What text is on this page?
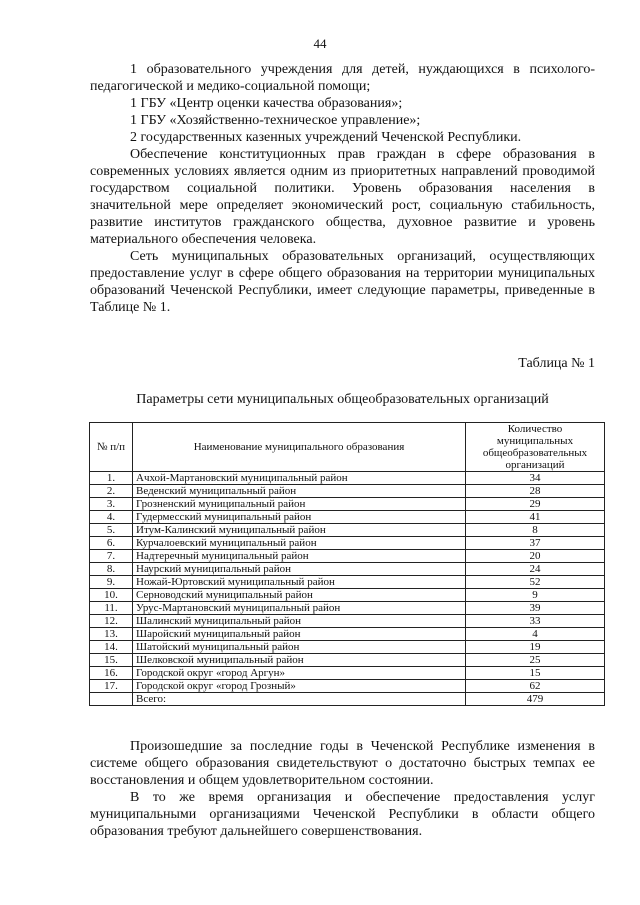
44

1 образовательного учреждения для детей, нуждающихся в психолого-педагогической и медико-социальной помощи;

1 ГБУ «Центр оценки качества образования»;

1 ГБУ «Хозяйственно-техническое управление»;

2 государственных казенных учреждений Чеченской Республики.

Обеспечение конституционных прав граждан в сфере образования в современных условиях является одним из приоритетных направлений проводимой государством социальной политики. Уровень образования населения в значительной мере определяет экономический рост, социальную стабильность, развитие институтов гражданского общества, духовное развитие и уровень материального обеспечения человека.

Сеть муниципальных образовательных организаций, осуществляющих предоставление услуг в сфере общего образования на территории муниципальных образований Чеченской Республики, имеет следующие параметры, приведенные в Таблице № 1.

Таблица № 1
Параметры сети муниципальных общеобразовательных организаций
№ п/п	Наименование муниципального образования	Количество муниципальных общеобразовательных организаций
1.	Ачхой-Мартановский муниципальный район	34
2.	Веденский муниципальный район	28
3.	Грозненский муниципальный район	29
4.	Гудермесский муниципальный район	41
5.	Итум-Калинский муниципальный район	8
6.	Курчалоевский муниципальный район	37
7.	Надтеречный муниципальный район	20
8.	Наурский муниципальный район	24
9.	Ножай-Юртовский муниципальный район	52
10.	Серноводский муниципальный район	9
11.	Урус-Мартановский муниципальный район	39
12.	Шалинский муниципальный район	33
13.	Шаройский муниципальный район	4
14.	Шатойский муниципальный район	19
15.	Шелковской муниципальный район	25
16.	Городской округ «город Аргун»	15
17.	Городской округ «город Грозный»	62
	Всего:	479

Произошедшие за последние годы в Чеченской Республике изменения в системе общего образования свидетельствуют о достаточно быстрых темпах ее восстановления и общем удовлетворительном состоянии.

В то же время организация и обеспечение предоставления услуг муниципальными организациями Чеченской Республики в области общего образования требуют дальнейшего совершенствования.
